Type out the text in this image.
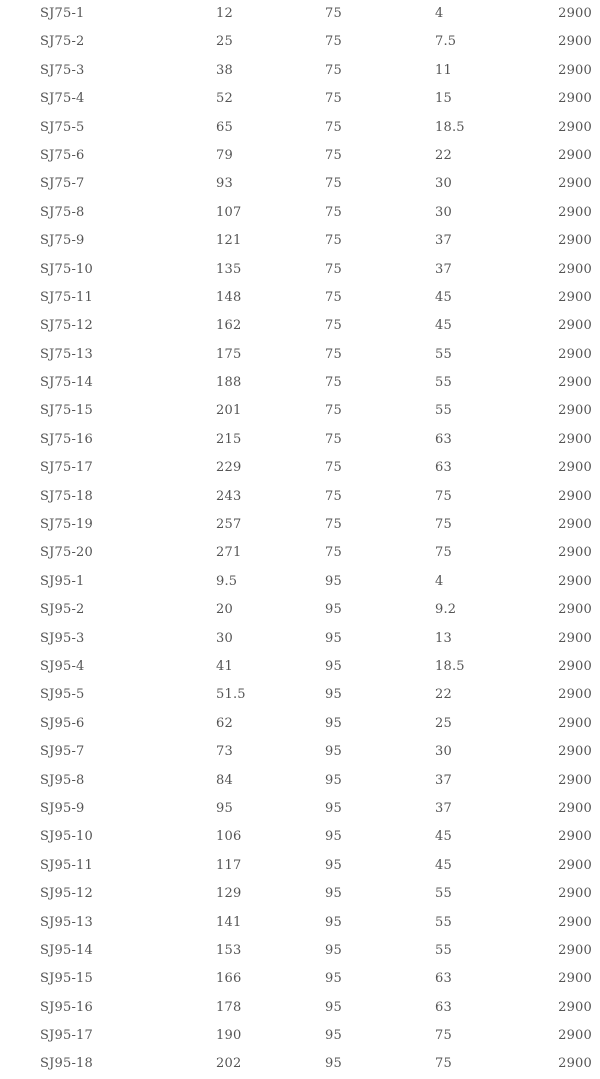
SJ75-1	12	75	4	2900
SJ75-2	25	75	7.5	2900
SJ75-3	38	75	11	2900
SJ75-4	52	75	15	2900
SJ75-5	65	75	18.5	2900
SJ75-6	79	75	22	2900
SJ75-7	93	75	30	2900
SJ75-8	107	75	30	2900
SJ75-9	121	75	37	2900
SJ75-10	135	75	37	2900
SJ75-11	148	75	45	2900
SJ75-12	162	75	45	2900
SJ75-13	175	75	55	2900
SJ75-14	188	75	55	2900
SJ75-15	201	75	55	2900
SJ75-16	215	75	63	2900
SJ75-17	229	75	63	2900
SJ75-18	243	75	75	2900
SJ75-19	257	75	75	2900
SJ75-20	271	75	75	2900
SJ95-1	9.5	95	4	2900
SJ95-2	20	95	9.2	2900
SJ95-3	30	95	13	2900
SJ95-4	41	95	18.5	2900
SJ95-5	51.5	95	22	2900
SJ95-6	62	95	25	2900
SJ95-7	73	95	30	2900
SJ95-8	84	95	37	2900
SJ95-9	95	95	37	2900
SJ95-10	106	95	45	2900
SJ95-11	117	95	45	2900
SJ95-12	129	95	55	2900
SJ95-13	141	95	55	2900
SJ95-14	153	95	55	2900
SJ95-15	166	95	63	2900
SJ95-16	178	95	63	2900
SJ95-17	190	95	75	2900
SJ95-18	202	95	75	2900
